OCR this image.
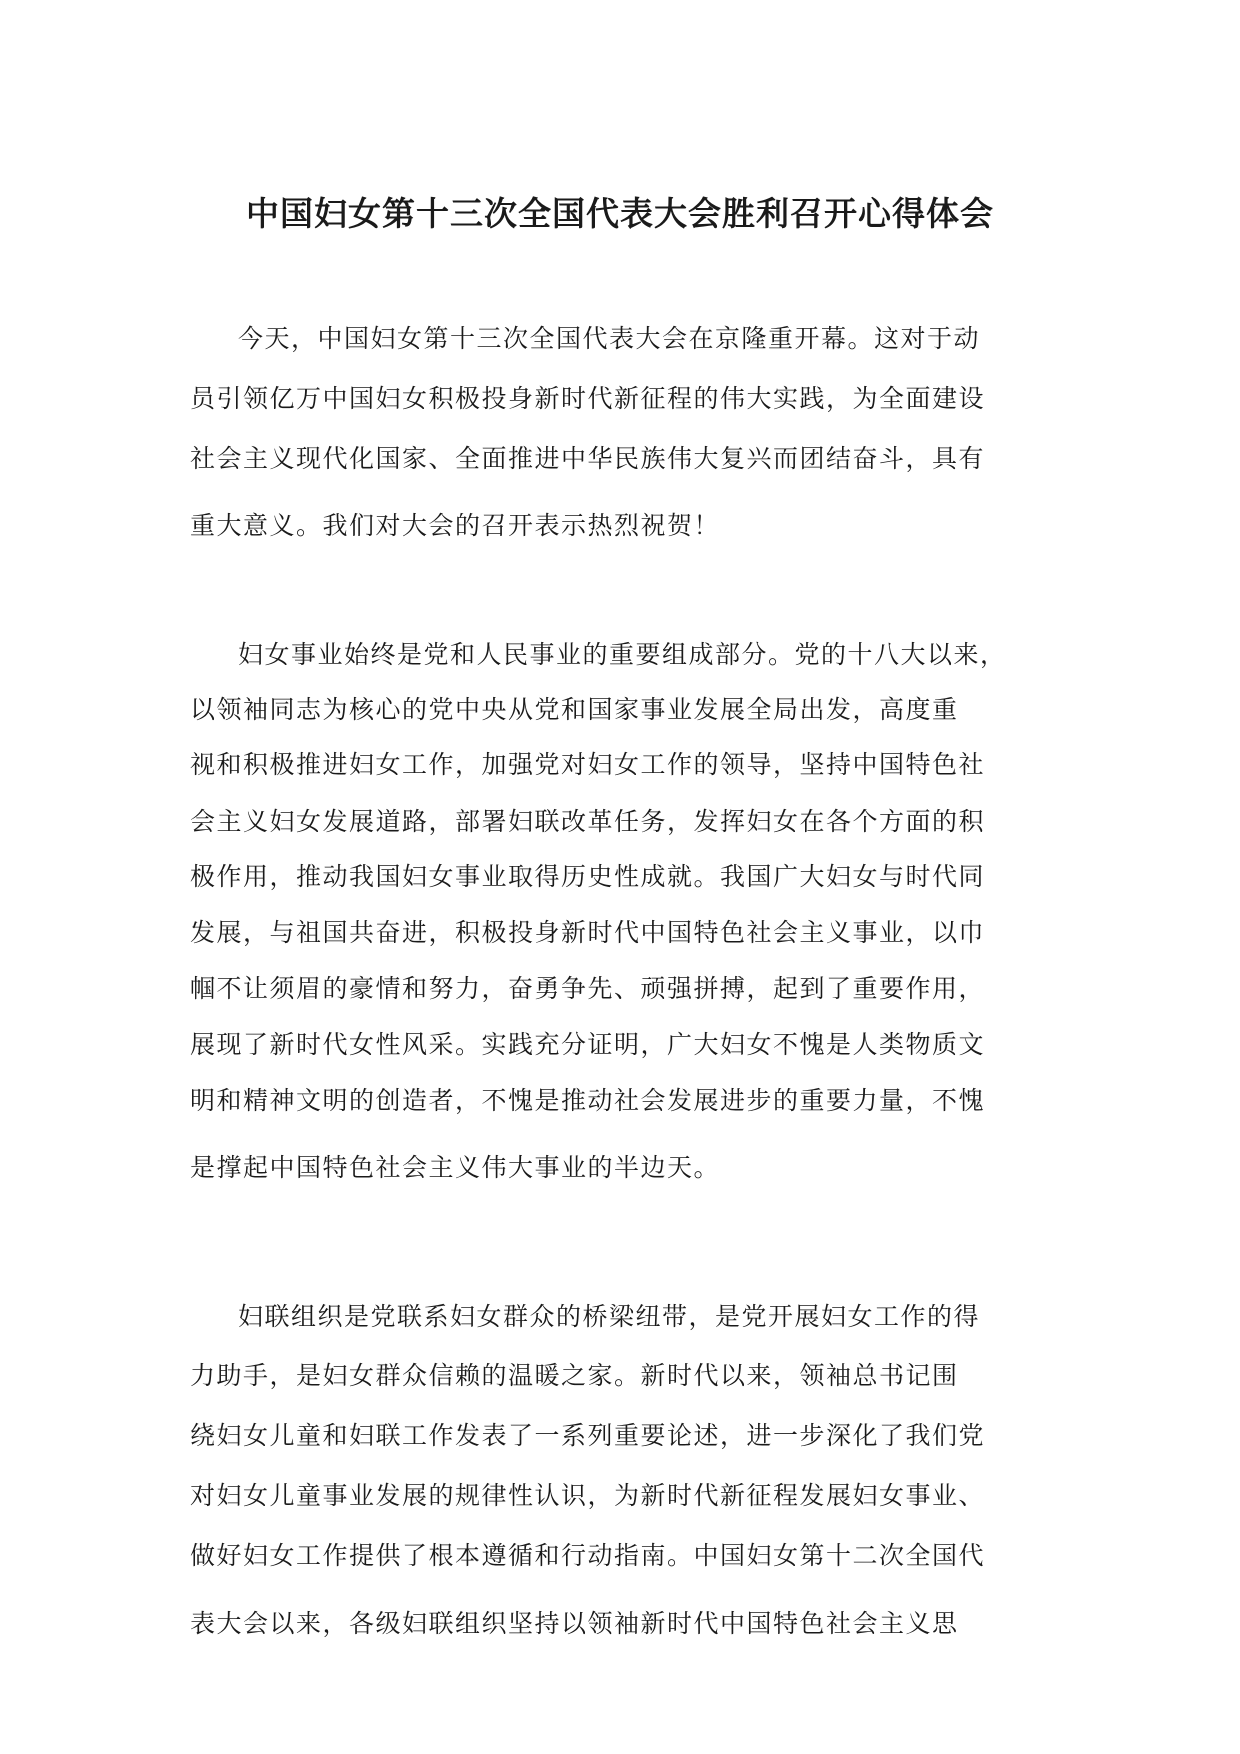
中国妇女第十三次全国代表大会胜利召开心得体会

今天，中国妇女第十三次全国代表大会在京隆重开幕。这对于动

员引领亿万中国妇女积极投身新时代新征程的伟大实践，为全面建设

社会主义现代化国家、全面推进中华民族伟大复兴而团结奋斗，具有

重大意义。我们对大会的召开表示热烈祝贺！

妇女事业始终是党和人民事业的重要组成部分。党的十八大以来，

以领袖同志为核心的党中央从党和国家事业发展全局出发，高度重

视和积极推进妇女工作，加强党对妇女工作的领导，坚持中国特色社

会主义妇女发展道路，部署妇联改革任务，发挥妇女在各个方面的积

极作用，推动我国妇女事业取得历史性成就。我国广大妇女与时代同

发展，与祖国共奋进，积极投身新时代中国特色社会主义事业，以巾

帼不让须眉的豪情和努力，奋勇争先、顽强拼搏，起到了重要作用，

展现了新时代女性风采。实践充分证明，广大妇女不愧是人类物质文

明和精神文明的创造者，不愧是推动社会发展进步的重要力量，不愧

是撑起中国特色社会主义伟大事业的半边天。

妇联组织是党联系妇女群众的桥梁纽带，是党开展妇女工作的得

力助手，是妇女群众信赖的温暖之家。新时代以来，领袖总书记围

绕妇女儿童和妇联工作发表了一系列重要论述，进一步深化了我们党

对妇女儿童事业发展的规律性认识，为新时代新征程发展妇女事业、

做好妇女工作提供了根本遵循和行动指南。中国妇女第十二次全国代

表大会以来，各级妇联组织坚持以领袖新时代中国特色社会主义思
